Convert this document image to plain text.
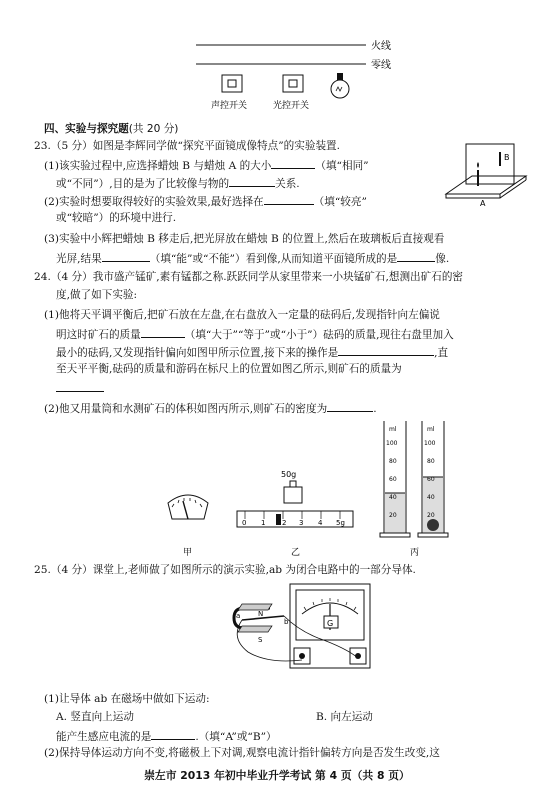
火线
零线
声控开关	光控开关
四、实验与探究题(共 20 分)
23.（5 分）如图是李辉同学做“探究平面镜成像特点”的实验装置.
(1)该实验过程中,应选择蜡烛 B 与蜡烛 A 的大小	（填“相同”
或“不同”）,目的是为了比较像与物的	关系.
(2)实验时想要取得较好的实验效果,最好选择在	（填“较亮”
或“较暗”）的环境中进行.
(3)实验中小辉把蜡烛 B 移走后,把光屏放在蜡烛 B 的位置上,然后在玻璃板后直接观看
光屏,结果	（填“能”或“不能”）看到像,从而知道平面镜所成的是	像.
B
A
24.（4 分）我市盛产锰矿,素有锰都之称.跃跃同学从家里带来一小块锰矿石,想测出矿石的密
度,做了如下实验:
(1)他将天平调平衡后,把矿石放在左盘,在右盘放入一定量的砝码后,发现指针向左偏说
明这时矿石的质量	（填“大于”“等于”或“小于”）砝码的质量,现往右盘里加入
最小的砝码,又发现指针偏向如图甲所示位置,接下来的操作是	,直
至天平平衡,砝码的质量和游码在标尺上的位置如图乙所示,则矿石的质量为
(2)他又用量筒和水测矿石的体积如图丙所示,则矿石的密度为	.
甲
50g
0 1 2 3 4 5g
乙
ml	ml
100
80
60
40
20
100
80
60
40
20
丙
25.（4 分）课堂上,老师做了如图所示的演示实验,ab 为闭合电路中的一部分导体.
G
N
S
a
b
(1)让导体 ab 在磁场中做如下运动:
A. 竖直向上运动	B. 向左运动
能产生感应电流的是	.（填“A”或“B”）
(2)保持导体运动方向不变,将磁极上下对调,观察电流计指针偏转方向是否发生改变,这
崇左市 2013 年初中毕业升学考试 第 4 页（共 8 页）
